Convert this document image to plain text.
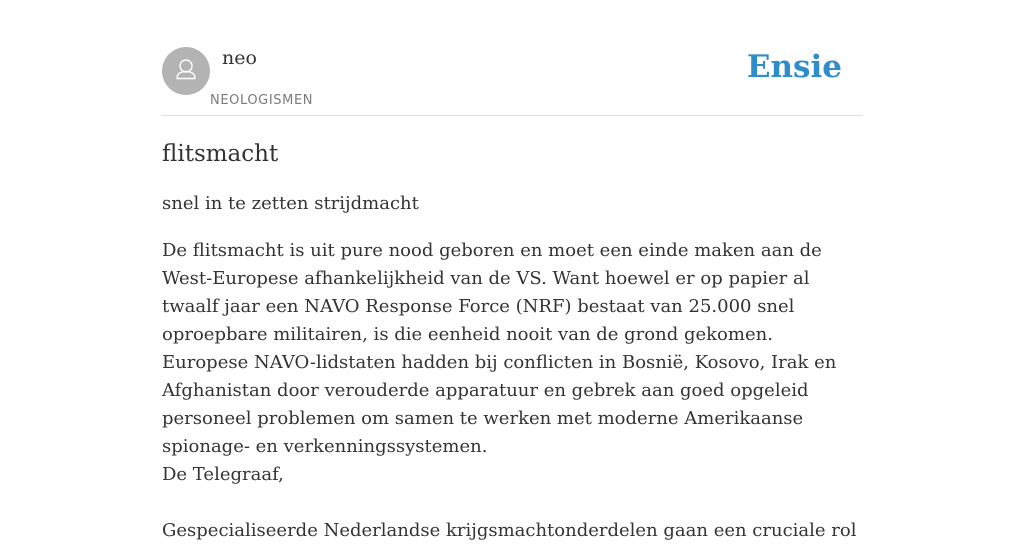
neo
NEOLOGISMEN
Ensie
flitsmacht

snel in te zetten strijdmacht

De flitsmacht is uit pure nood geboren en moet een einde maken aan de West-Europese afhankelijkheid van de VS. Want hoewel er op papier al twaalf jaar een NAVO Response Force (NRF) bestaat van 25.000 snel oproepbare militairen, is die eenheid nooit van de grond gekomen. Europese NAVO-lidstaten hadden bij conflicten in Bosnië, Kosovo, Irak en Afghanistan door verouderde apparatuur en gebrek aan goed opgeleid personeel problemen om samen te werken met moderne Amerikaanse spionage- en verkenningssystemen.

De Telegraaf,

Gespecialiseerde Nederlandse krijgsmachtonderdelen gaan een cruciale rol
